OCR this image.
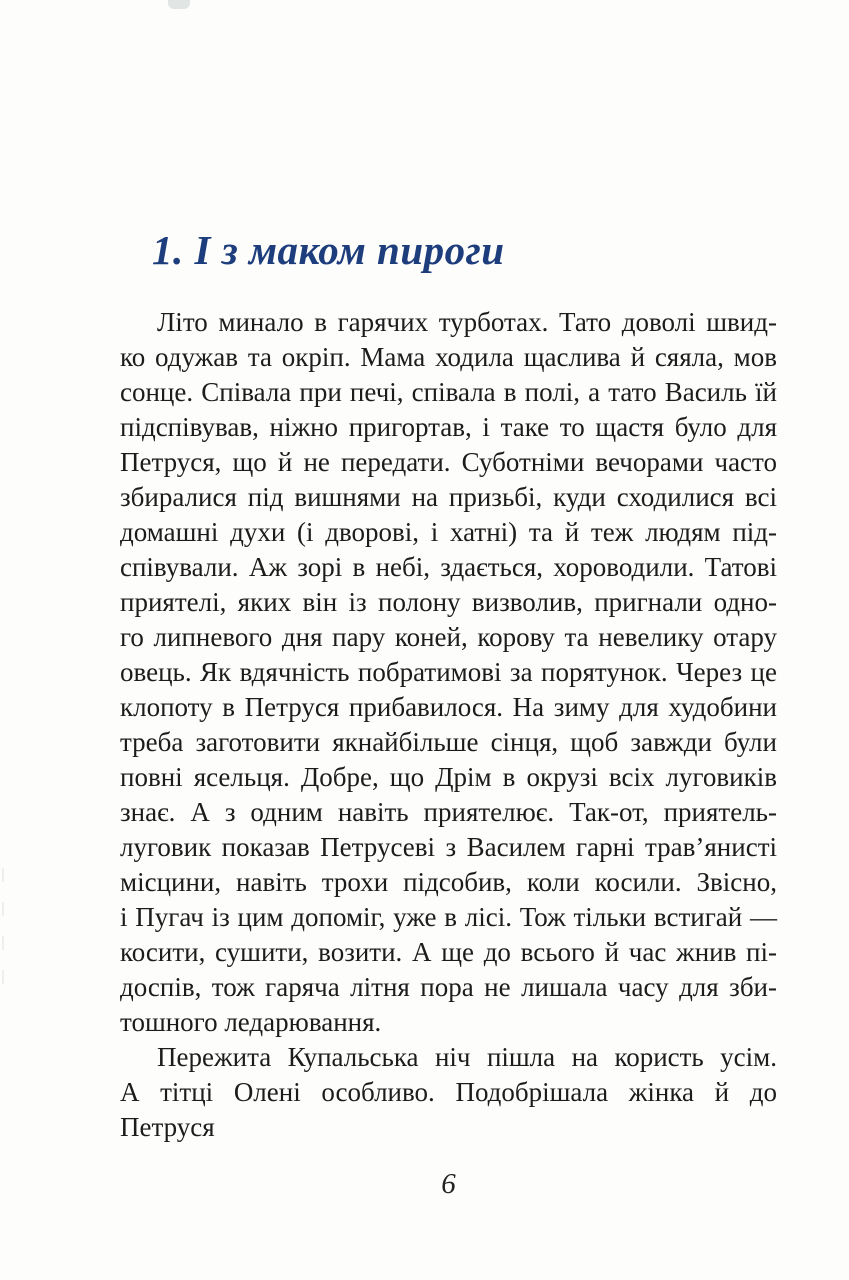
1. І з маком пироги
Літо минало в гарячих турботах. Тато доволі швид-
ко одужав та окріп. Мама ходила щаслива й сяяла, мов
сонце. Співала при печі, співала в полі, а тато Василь їй
підспівував, ніжно пригортав, і таке то щастя було для
Петруся, що й не передати. Суботніми вечорами часто
збиралися під вишнями на призьбі, куди сходилися всі
домашні духи (і дворові, і хатні) та й теж людям під-
співували. Аж зорі в небі, здається, хороводили. Татові
приятелі, яких він із полону визволив, пригнали одно-
го липневого дня пару коней, корову та невелику отару
овець. Як вдячність побратимові за порятунок. Через це
клопоту в Петруся прибавилося. На зиму для худобини
треба заготовити якнайбільше сінця, щоб завжди були
повні ясельця. Добре, що Дрім в окрузі всіх луговиків
знає. А з одним навіть приятелює. Так-от, приятель-
луговик показав Петрусеві з Василем гарні трав’янисті
місцини, навіть трохи підсобив, коли косили. Звісно,
і Пугач із цим допоміг, уже в лісі. Тож тільки встигай —
косити, сушити, возити. А ще до всього й час жнив пі-
доспів, тож гаряча літня пора не лишала часу для зби-
тошного ледарювання.
Пережита Купальська ніч пішла на користь усім.
А тітці Олені особливо. Подобрішала жінка й до Петруся
6
